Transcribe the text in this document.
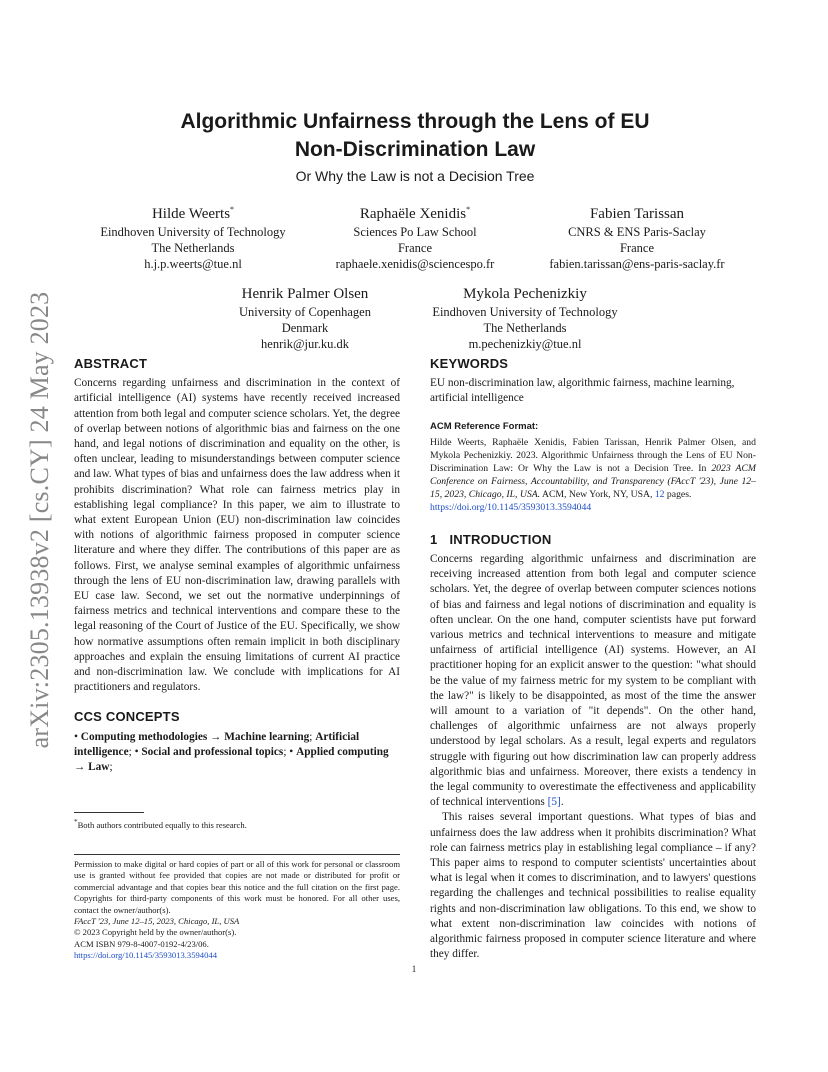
arXiv:2305.13938v2 [cs.CY] 24 May 2023
Algorithmic Unfairness through the Lens of EU
Non-Discrimination Law
Or Why the Law is not a Decision Tree
Hilde Weerts*
Eindhoven University of Technology
The Netherlands
h.j.p.weerts@tue.nl
Raphaële Xenidis*
Sciences Po Law School
France
raphaele.xenidis@sciencespo.fr
Fabien Tarissan
CNRS & ENS Paris-Saclay
France
fabien.tarissan@ens-paris-saclay.fr
Henrik Palmer Olsen
University of Copenhagen
Denmark
henrik@jur.ku.dk
Mykola Pechenizkiy
Eindhoven University of Technology
The Netherlands
m.pechenizkiy@tue.nl
ABSTRACT

Concerns regarding unfairness and discrimination in the context of artificial intelligence (AI) systems have recently received increased attention from both legal and computer science scholars. Yet, the degree of overlap between notions of algorithmic bias and fairness on the one hand, and legal notions of discrimination and equality on the other, is often unclear, leading to misunderstandings between computer science and law. What types of bias and unfairness does the law address when it prohibits discrimination? What role can fairness metrics play in establishing legal compliance? In this paper, we aim to illustrate to what extent European Union (EU) non-discrimination law coincides with notions of algorithmic fairness proposed in computer science literature and where they differ. The contributions of this paper are as follows. First, we analyse seminal examples of algorithmic unfairness through the lens of EU non-discrimination law, drawing parallels with EU case law. Second, we set out the normative underpinnings of fairness metrics and technical interventions and compare these to the legal reasoning of the Court of Justice of the EU. Specifically, we show how normative assumptions often remain implicit in both disciplinary approaches and explain the ensuing limitations of current AI practice and non-discrimination law. We conclude with implications for AI practitioners and regulators.

CCS CONCEPTS

• Computing methodologies → Machine learning; Artificial intelligence; • Social and professional topics; • Applied computing → Law;

*Both authors contributed equally to this research.
Permission to make digital or hard copies of part or all of this work for personal or classroom use is granted without fee provided that copies are not made or distributed for profit or commercial advantage and that copies bear this notice and the full citation on the first page. Copyrights for third-party components of this work must be honored. For all other uses, contact the owner/author(s).
FAccT '23, June 12–15, 2023, Chicago, IL, USA
© 2023 Copyright held by the owner/author(s).
ACM ISBN 979-8-4007-0192-4/23/06.
https://doi.org/10.1145/3593013.3594044
KEYWORDS

EU non-discrimination law, algorithmic fairness, machine learning, artificial intelligence

ACM Reference Format:

Hilde Weerts, Raphaële Xenidis, Fabien Tarissan, Henrik Palmer Olsen, and Mykola Pechenizkiy. 2023. Algorithmic Unfairness through the Lens of EU Non-Discrimination Law: Or Why the Law is not a Decision Tree. In 2023 ACM Conference on Fairness, Accountability, and Transparency (FAccT '23), June 12–15, 2023, Chicago, IL, USA. ACM, New York, NY, USA, 12 pages.
https://doi.org/10.1145/3593013.3594044

1 INTRODUCTION

Concerns regarding algorithmic unfairness and discrimination are receiving increased attention from both legal and computer science scholars. Yet, the degree of overlap between computer sciences notions of bias and fairness and legal notions of discrimination and equality is often unclear. On the one hand, computer scientists have put forward various metrics and technical interventions to measure and mitigate unfairness of artificial intelligence (AI) systems. However, an AI practitioner hoping for an explicit answer to the question: "what should be the value of my fairness metric for my system to be compliant with the law?" is likely to be disappointed, as most of the time the answer will amount to a variation of "it depends". On the other hand, challenges of algorithmic unfairness are not always properly understood by legal scholars. As a result, legal experts and regulators struggle with figuring out how discrimination law can properly address algorithmic bias and unfairness. Moreover, there exists a tendency in the legal community to overestimate the effectiveness and applicability of technical interventions [5].

This raises several important questions. What types of bias and unfairness does the law address when it prohibits discrimination? What role can fairness metrics play in establishing legal compliance – if any? This paper aims to respond to computer scientists' uncertainties about what is legal when it comes to discrimination, and to lawyers' questions regarding the challenges and technical possibilities to realise equality rights and non-discrimination law obligations. To this end, we show to what extent non-discrimination law coincides with notions of algorithmic fairness proposed in computer science literature and where they differ.

1
